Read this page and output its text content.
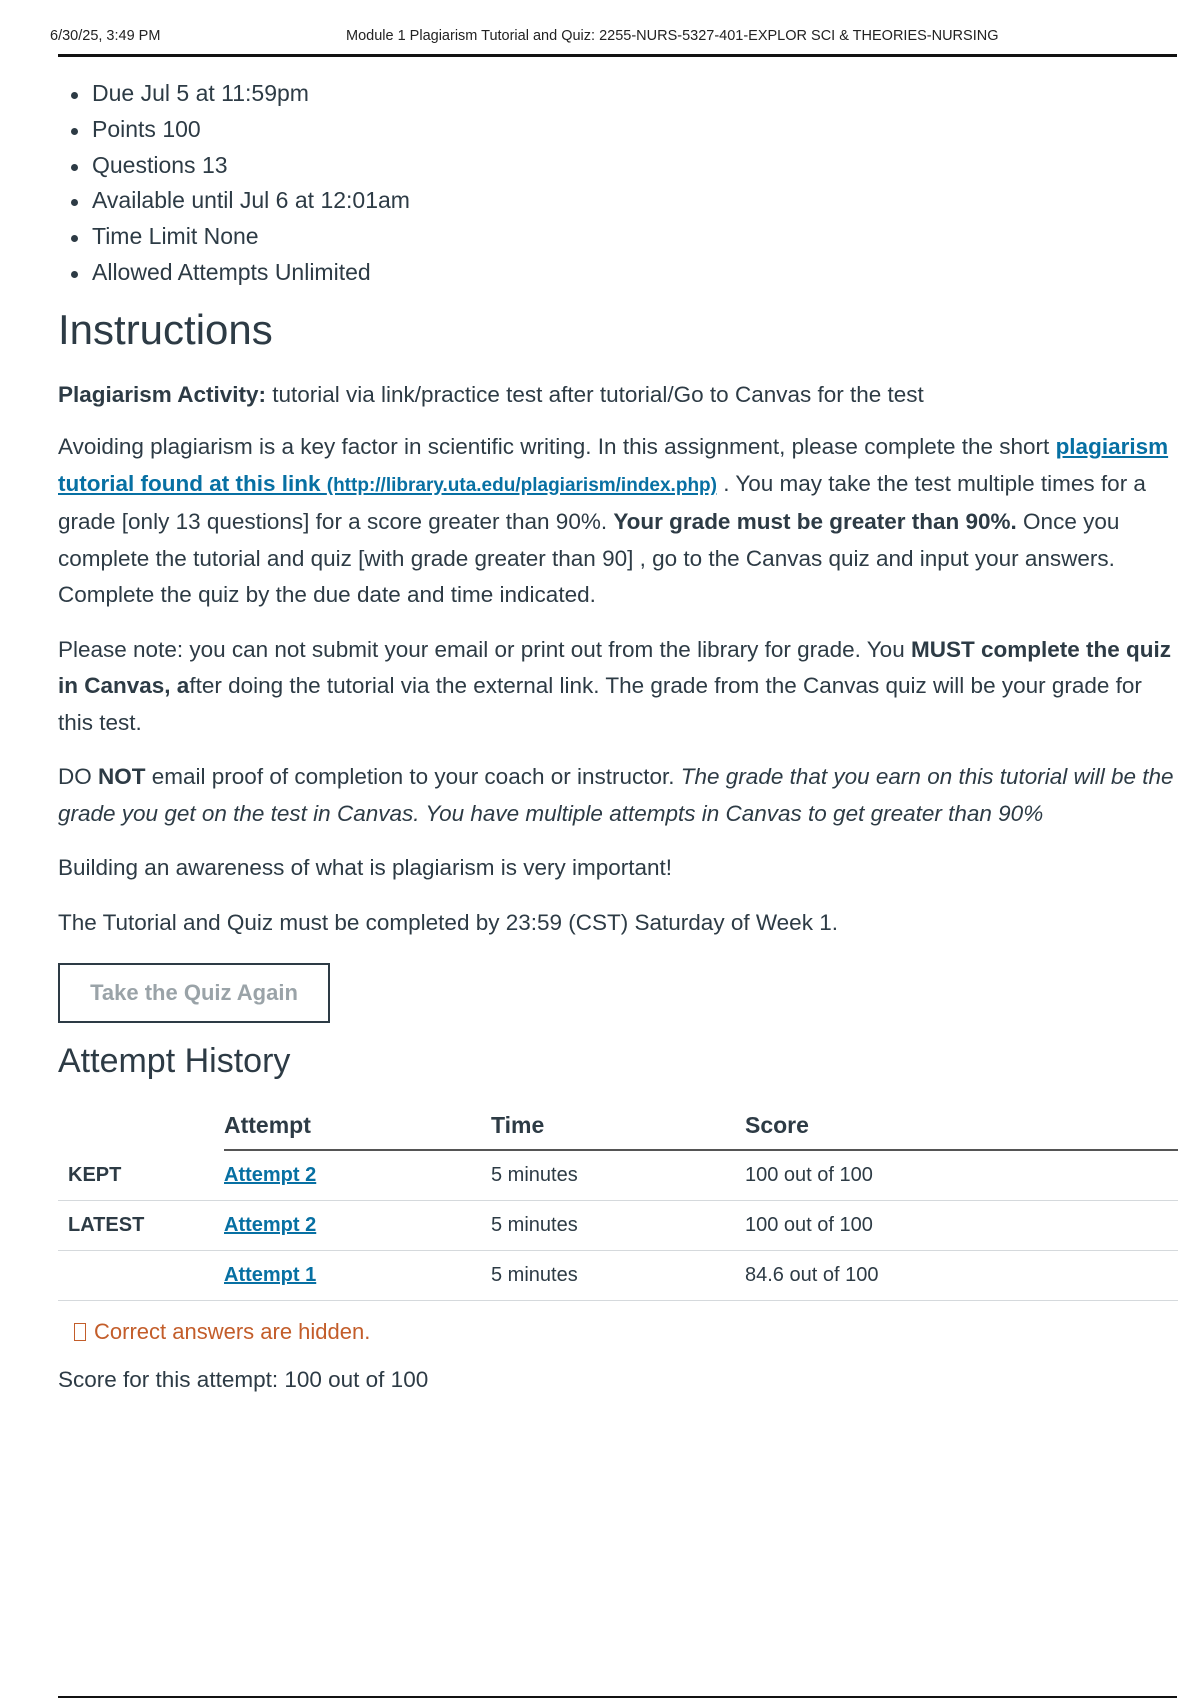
6/30/25, 3:49 PM	Module 1 Plagiarism Tutorial and Quiz: 2255-NURS-5327-401-EXPLOR SCI & THEORIES-NURSING
Due Jul 5 at 11:59pm
Points 100
Questions 13
Available until Jul 6 at 12:01am
Time Limit None
Allowed Attempts Unlimited
Instructions

Plagiarism Activity: tutorial via link/practice test after tutorial/Go to Canvas for the test

Avoiding plagiarism is a key factor in scientific writing. In this assignment, please complete the short plagiarism tutorial found at this link (http://library.uta.edu/plagiarism/index.php) . You may take the test multiple times for a grade [only 13 questions] for a score greater than 90%. Your grade must be greater than 90%. Once you complete the tutorial and quiz [with grade greater than 90] , go to the Canvas quiz and input your answers. Complete the quiz by the due date and time indicated.

Please note: you can not submit your email or print out from the library for grade. You MUST complete the quiz in Canvas, after doing the tutorial via the external link. The grade from the Canvas quiz will be your grade for this test.

DO NOT email proof of completion to your coach or instructor. The grade that you earn on this tutorial will be the grade you get on the test in Canvas. You have multiple attempts in Canvas to get greater than 90%

Building an awareness of what is plagiarism is very important!

The Tutorial and Quiz must be completed by 23:59 (CST) Saturday of Week 1.

Take the Quiz Again
Attempt History
	Attempt	Time	Score
KEPT	Attempt 2	5 minutes	100 out of 100
LATEST	Attempt 2	5 minutes	100 out of 100
	Attempt 1	5 minutes	84.6 out of 100
Correct answers are hidden.
Score for this attempt: 100 out of 100
